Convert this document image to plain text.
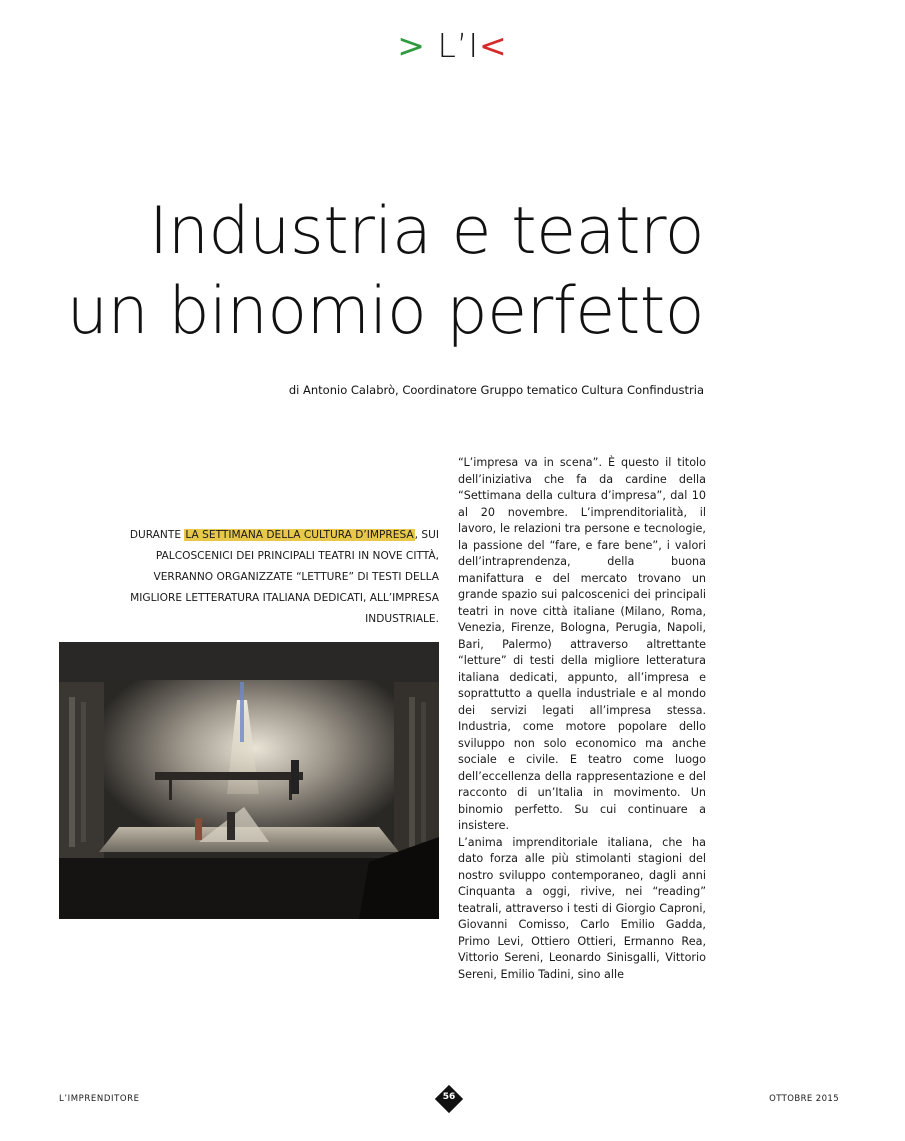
> L’I<
Industria e teatro
un binomio perfetto
di Antonio Calabrò, Coordinatore Gruppo tematico Cultura Confindustria
DURANTE LA SETTIMANA DELLA CULTURA D’IMPRESA, SUI PALCOSCENICI DEI PRINCIPALI TEATRI IN NOVE CITTÀ, VERRANNO ORGANIZZATE “LETTURE” DI TESTI DELLA MIGLIORE LETTERATURA ITALIANA DEDICATI, ALL’IMPRESA INDUSTRIALE.

“L’impresa va in scena”. È questo il titolo dell’iniziativa che fa da cardine della “Settimana della cultura d’impresa”, dal 10 al 20 novembre. L’imprenditorialità, il lavoro, le relazioni tra persone e tecnologie, la passione del “fare, e fare bene”, i valori dell’intraprendenza, della buona manifattura e del mercato trovano un grande spazio sui palcoscenici dei principali teatri in nove città italiane (Milano, Roma, Venezia, Firenze, Bologna, Perugia, Napoli, Bari, Palermo) attraverso altrettante “letture” di testi della migliore letteratura italiana dedicati, appunto, all’impresa e soprattutto a quella industriale e al mondo dei servizi legati all’impresa stessa. Industria, come motore popolare dello sviluppo non solo economico ma anche sociale e civile. E teatro come luogo dell’eccellenza della rappresentazione e del racconto di un’Italia in movimento. Un binomio perfetto. Su cui continuare a insistere.

L’anima imprenditoriale italiana, che ha dato forza alle più stimolanti stagioni del nostro sviluppo contemporaneo, dagli anni Cinquanta a oggi, rivive, nei “reading” teatrali, attraverso i testi di Giorgio Caproni, Giovanni Comisso, Carlo Emilio Gadda, Primo Levi, Ottiero Ottieri, Ermanno Rea, Vittorio Sereni, Leonardo Sinisgalli, Vittorio Sereni, Emilio Tadini, sino alle

L’IMPRENDITORE	56	OTTOBRE 2015
